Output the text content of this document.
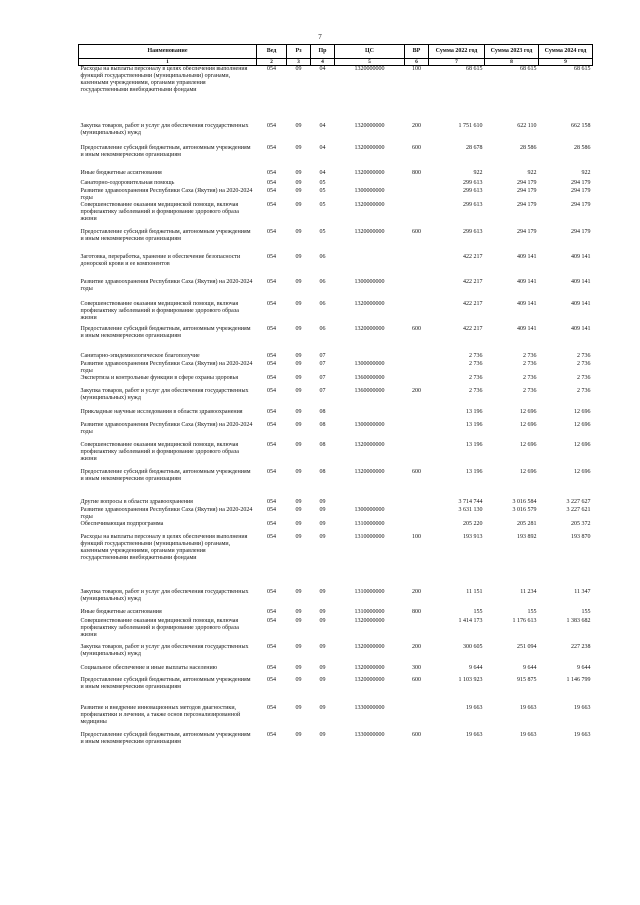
7
Наименование	Вед	Рз	Пр	ЦС	ВР	Сумма 2022 год	Сумма 2023 год	Сумма 2024 год
1	2	3	4	5	6	7	8	9
Расходы на выплаты персоналу в целях обеспечения выполнения функций государственными (муниципальными) органами, казенными учреждениями, органами управления государственными внебюджетными фондами	054	09	04	1320000000	100	68 615	68 615	68 615
Закупка товаров, работ и услуг для обеспечения государственных (муниципальных) нужд	054	09	04	1320000000	200	1 751 610	622 110	662 158
Предоставление субсидий бюджетным, автономным учреждениям и иным некоммерческим организациям	054	09	04	1320000000	600	28 678	28 586	28 586
Иные бюджетные ассигнования	054	09	04	1320000000	800	922	922	922
Санаторно-оздоровительная помощь	054	09	05			299 613	294 179	294 179
Развитие здравоохранения Республики Саха (Якутия) на 2020-2024 годы	054	09	05	1300000000		299 613	294 179	294 179
Совершенствование оказания медицинской помощи, включая профилактику заболеваний и формирование здорового образа жизни	054	09	05	1320000000		299 613	294 179	294 179
Предоставление субсидий бюджетным, автономным учреждениям и иным некоммерческим организациям	054	09	05	1320000000	600	299 613	294 179	294 179
Заготовка, переработка, хранение и обеспечение безопасности донорской крови и ее компонентов	054	09	06			422 217	409 141	409 141
Развитие здравоохранения Республики Саха (Якутия) на 2020-2024 годы	054	09	06	1300000000		422 217	409 141	409 141
Совершенствование оказания медицинской помощи, включая профилактику заболеваний и формирование здорового образа жизни	054	09	06	1320000000		422 217	409 141	409 141
Предоставление субсидий бюджетным, автономным учреждениям и иным некоммерческим организациям	054	09	06	1320000000	600	422 217	409 141	409 141
Санитарно-эпидемиологическое благополучие	054	09	07			2 736	2 736	2 736
Развитие здравоохранения Республики Саха (Якутия) на 2020-2024 годы	054	09	07	1300000000		2 736	2 736	2 736
Экспертиза и контрольные функции в сфере охраны здоровья	054	09	07	1360000000		2 736	2 736	2 736
Закупка товаров, работ и услуг для обеспечения государственных (муниципальных) нужд	054	09	07	1360000000	200	2 736	2 736	2 736
Прикладные научные исследования в области здравоохранения	054	09	08			13 196	12 696	12 696
Развитие здравоохранения Республики Саха (Якутия) на 2020-2024 годы	054	09	08	1300000000		13 196	12 696	12 696
Совершенствование оказания медицинской помощи, включая профилактику заболеваний и формирование здорового образа жизни	054	09	08	1320000000		13 196	12 696	12 696
Предоставление субсидий бюджетным, автономным учреждениям и иным некоммерческим организациям	054	09	08	1320000000	600	13 196	12 696	12 696
Другие вопросы в области здравоохранения	054	09	09			3 714 744	3 016 584	3 227 627
Развитие здравоохранения Республики Саха (Якутия) на 2020-2024 годы	054	09	09	1300000000		3 631 130	3 016 579	3 227 621
Обеспечивающая подпрограмма	054	09	09	1310000000		205 220	205 281	205 372
Расходы на выплаты персоналу в целях обеспечения выполнения функций государственными (муниципальными) органами, казенными учреждениями, органами управления государственными внебюджетными фондами	054	09	09	1310000000	100	193 913	193 892	193 870
Закупка товаров, работ и услуг для обеспечения государственных (муниципальных) нужд	054	09	09	1310000000	200	11 151	11 234	11 347
Иные бюджетные ассигнования	054	09	09	1310000000	800	155	155	155
Совершенствование оказания медицинской помощи, включая профилактику заболеваний и формирование здорового образа жизни	054	09	09	1320000000		1 414 173	1 176 613	1 383 682
Закупка товаров, работ и услуг для обеспечения государственных (муниципальных) нужд	054	09	09	1320000000	200	300 605	251 094	227 238
Социальное обеспечение и иные выплаты населению	054	09	09	1320000000	300	9 644	9 644	9 644
Предоставление субсидий бюджетным, автономным учреждениям и иным некоммерческим организациям	054	09	09	1320000000	600	1 103 923	915 875	1 146 799
Развитие и внедрение инновационных методов диагностики, профилактики и лечения, а также основ персонализированной медицины	054	09	09	1330000000		19 663	19 663	19 663
Предоставление субсидий бюджетным, автономным учреждениям и иным некоммерческим организациям	054	09	09	1330000000	600	19 663	19 663	19 663
